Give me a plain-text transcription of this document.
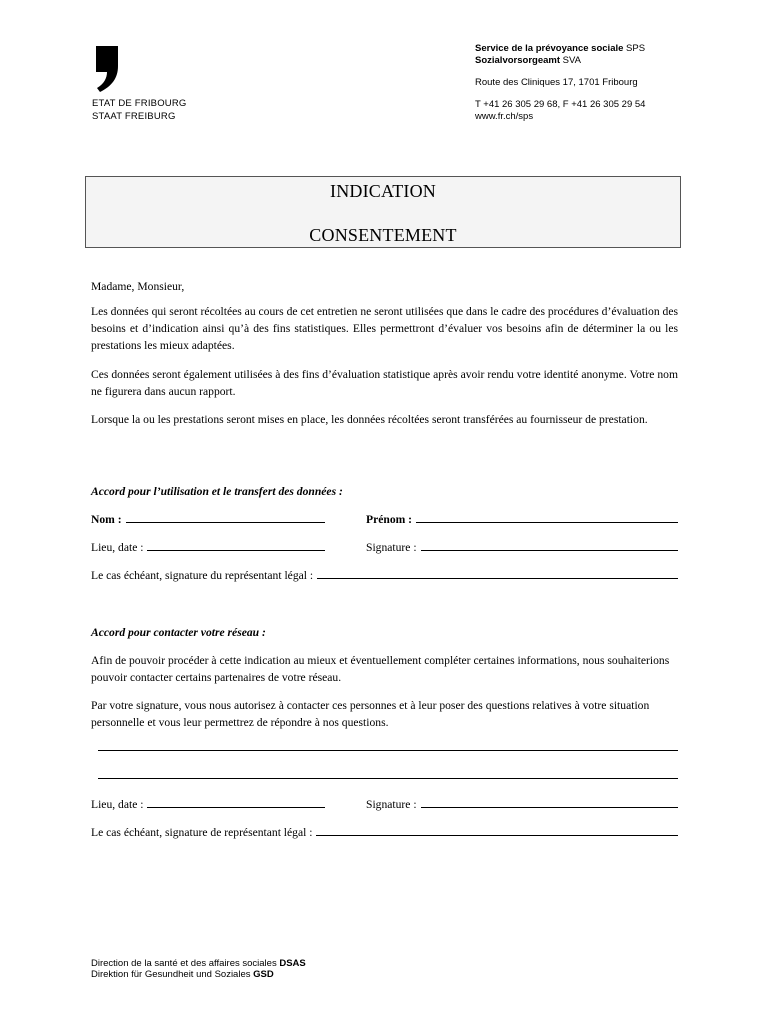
ETAT DE FRIBOURG
STAAT FREIBURG
Service de la prévoyance sociale SPS
Sozialvorsorgeamt SVA
Route des Cliniques 17, 1701 Fribourg
T +41 26 305 29 68, F +41 26 305 29 54
www.fr.ch/sps
INDICATION
CONSENTEMENT
Madame, Monsieur,
Les données qui seront récoltées au cours de cet entretien ne seront utilisées que dans le cadre des procédures d’évaluation des besoins et d’indication ainsi qu’à des fins statistiques. Elles permettront d’évaluer vos besoins afin de déterminer la ou les prestations les mieux adaptées.
Ces données seront également utilisées à des fins d’évaluation statistique après avoir rendu votre identité anonyme. Votre nom ne figurera dans aucun rapport.
Lorsque la ou les prestations seront mises en place, les données récoltées seront transférées au fournisseur de prestation.
Accord pour l’utilisation et le transfert des données :
Nom :	Prénom :
Lieu, date :	Signature :
Le cas échéant, signature du représentant légal :
Accord pour contacter votre réseau :
Afin de pouvoir procéder à cette indication au mieux et éventuellement compléter certaines informations, nous souhaiterions pouvoir contacter certains partenaires de votre réseau.
Par votre signature, vous nous autorisez à contacter ces personnes et à leur poser des questions relatives à votre situation personnelle et vous leur permettrez de répondre à nos questions.
Lieu, date :	Signature :
Le cas échéant, signature de représentant légal :
Direction de la santé et des affaires sociales DSAS
Direktion für Gesundheit und Soziales GSD
